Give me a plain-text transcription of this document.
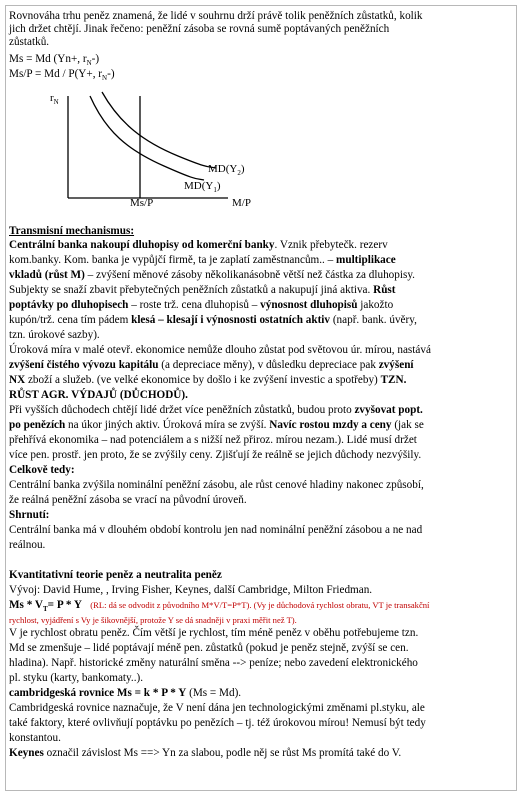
Rovnováha trhu peněz znamená, že lidé v souhrnu drží právě tolik peněžních zůstatků, kolik
jich držet chtějí. Jinak řečeno: peněžní zásoba se rovná sumě poptávaných peněžních
zůstatků.
Ms = Md (Yn+, $r_N-$)
Ms/P = Md / P(Y+, $r_N-$)
$r_N$
$MD(Y_2)$
$MD(Y_1)$
Ms/P	M/P
Transmisní mechanismus:
Centrální banka nakoupí dluhopisy od komerční banky. Vznik přebytečk. rezerv
kom.banky. Kom. banka je vypůjčí firmě, ta je zaplatí zaměstnancům.. – multiplikace
vkladů (růst M) – zvýšení měnové zásoby několikanásobně větší než částka za dluhopisy.
Subjekty se snaží zbavit přebytečných peněžních zůstatků a nakupují jiná aktiva. Růst
poptávky po dluhopisech – roste trž. cena dluhopisů – výnosnost dluhopisů jakožto
kupón/trž. cena tím pádem klesá – klesají i výnosnosti ostatních aktiv (např. bank. úvěry,
tzn. úrokové sazby).
Úroková míra v malé otevř. ekonomice nemůže dlouho zůstat pod světovou úr. mírou, nastává
zvýšení čistého vývozu kapitálu (a depreciace měny), v důsledku depreciace pak zvýšení
NX zboží a služeb. (ve velké ekonomice by došlo i ke zvýšení investic a spotřeby) TZN.
RŮST AGR. VÝDAJŮ (DŮCHODŮ).
Při vyšších důchodech chtějí lidé držet více peněžních zůstatků, budou proto zvyšovat popt.
po penězích na úkor jiných aktiv. Úroková míra se zvýší. Navíc rostou mzdy a ceny (jak se
přehřívá ekonomika – nad potenciálem a s nižší než přiroz. mírou nezam.). Lidé musí držet
více pen. prostř. jen proto, že se zvýšily ceny. Zjišťují že reálně se jejich důchody nezvýšily.
Celkově tedy:
Centrální banka zvýšila nominální peněžní zásobu, ale růst cenové hladiny nakonec způsobí,
že reálná peněžní zásoba se vrací na původní úroveň.
Shrnutí:
Centrální banka má v dlouhém období kontrolu jen nad nominální peněžní zásobou a ne nad
reálnou.
Kvantitativní teorie peněz a neutralita peněz
Vývoj: David Hume, , Irving Fisher, Keynes, další Cambridge, Milton Friedman.
$Ms * V_T= P * Y$ (RL: dá se odvodit z původního M*V/T=P*T). (Vy je důchodová rychlost obratu, VT je transakční
rychlost, vyjádření s Vy je šikovnější, protože Y se dá snadněji v praxi měřit než T).
V je rychlost obratu peněz. Čím větší je rychlost, tím méně peněz v oběhu potřebujeme tzn.
Md se zmenšuje – lidé poptávají méně pen. zůstatků (pokud je peněz stejně, zvýší se cen.
hladina). Např. historické změny naturální směna --> peníze; nebo zavedení elektronického
pl. styku (karty, bankomaty..).
cambridgeská rovnice Ms = k * P * Y (Ms = Md).
Cambridgeská rovnice naznačuje, že V není dána jen technologickými změnami pl.styku, ale
také faktory, které ovlivňují poptávku po penězích – tj. též úrokovou mírou! Nemusí být tedy
konstantou.
Keynes označil závislost Ms ==> Yn za slabou, podle něj se růst Ms promítá také do V.
